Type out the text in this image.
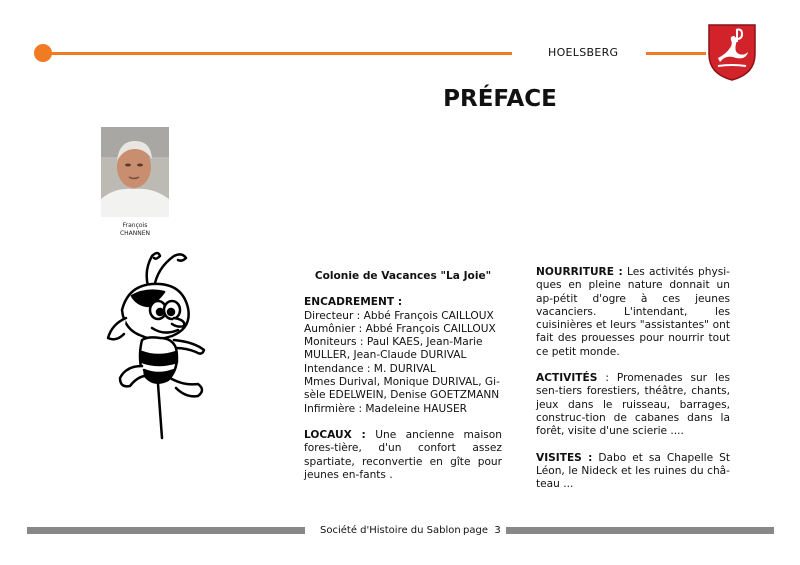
HOELSBERG
PRÉFACE
François
CHANNEN
Colonie de Vacances "La Joie"

ENCADREMENT :

Directeur : Abbé François CAILLOUX

Aumônier : Abbé François CAILLOUX

Moniteurs : Paul KAES, Jean-Marie

MULLER, Jean-Claude DURIVAL

Intendance : M. DURIVAL

Mmes Durival, Monique DURIVAL, Gi-

sèle EDELWEIN, Denise GOETZMANN

Infirmière : Madeleine HAUSER

LOCAUX : Une ancienne maison fores-tière, d'un confort assez spartiate, reconvertie en gîte pour jeunes en-fants .

NOURRITURE : Les activités physi-ques en pleine nature donnait un ap-pétit d'ogre à ces jeunes vacanciers. L'intendant, les cuisinières et leurs "assistantes" ont fait des prouesses pour nourrir tout ce petit monde.

ACTIVITÉS : Promenades sur les sen-tiers forestiers, théâtre, chants, jeux dans le ruisseau, barrages, construc-tion de cabanes dans la forêt, visite d'une scierie ....

VISITES : Dabo et sa Chapelle St Léon, le Nideck et les ruines du châ-teau ...

Société d'Histoire du Sablon page  3
